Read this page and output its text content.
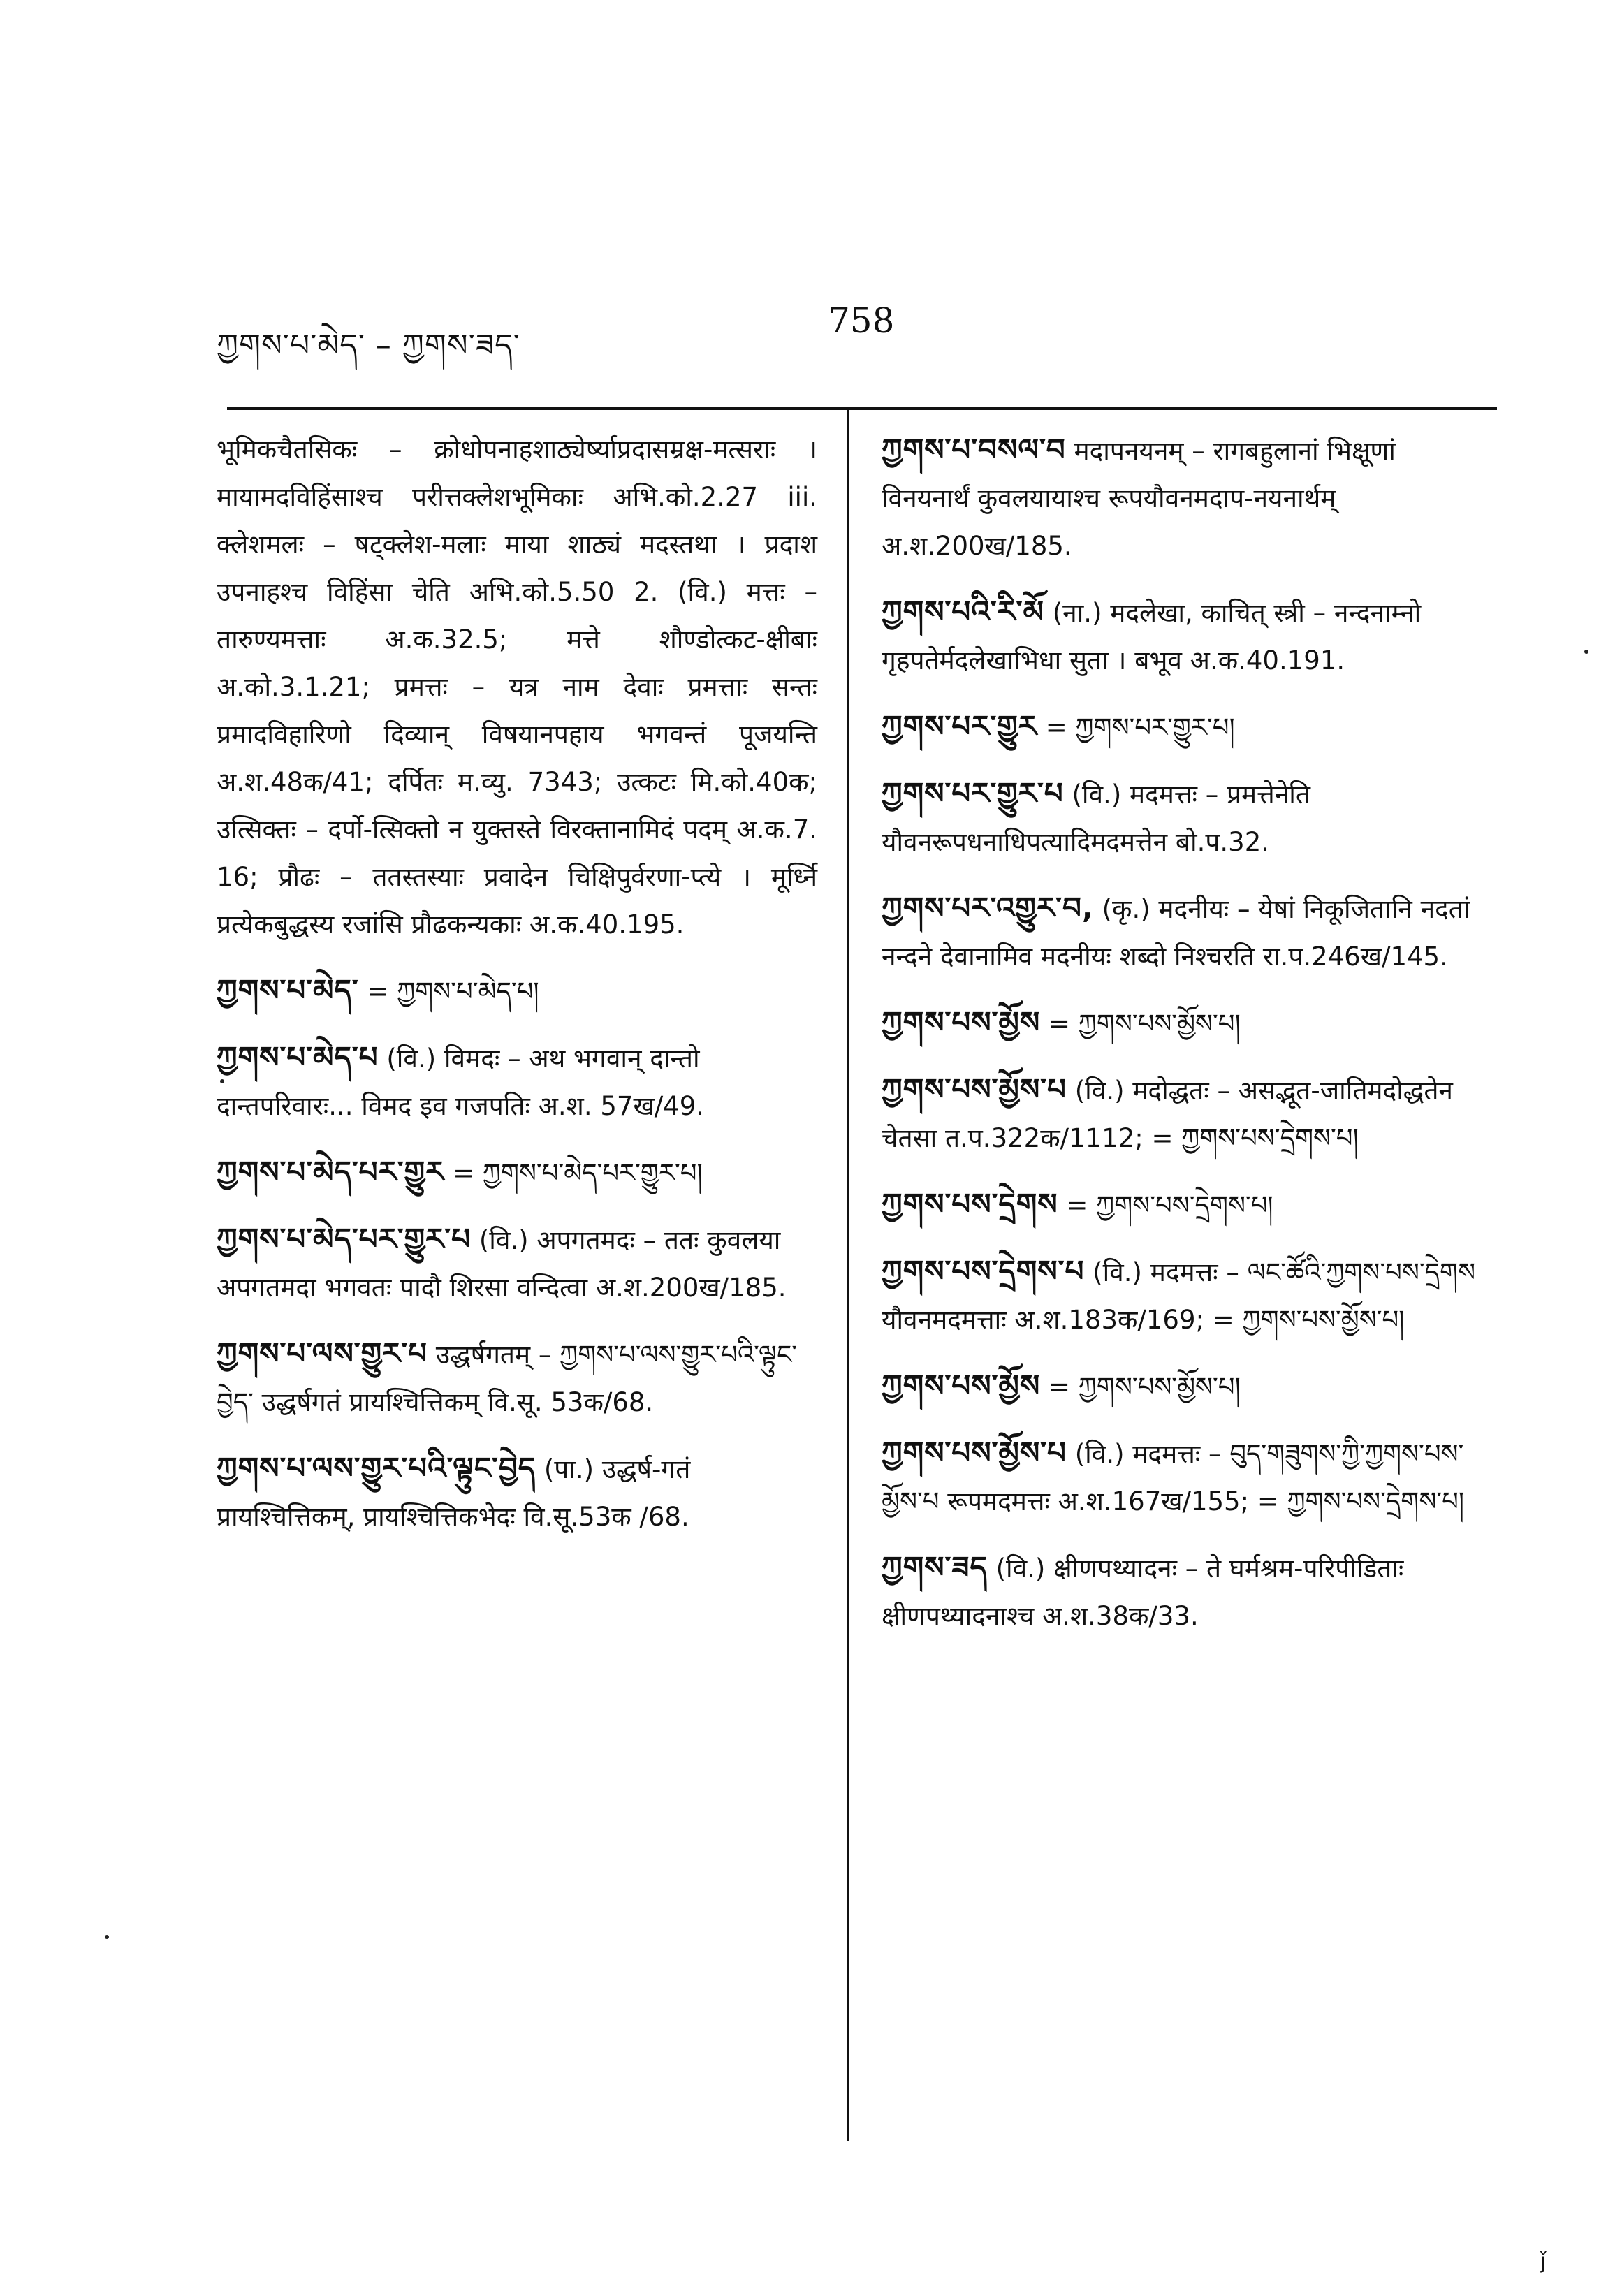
ཀྱགས་པ་མེད་ – ཀྱགས་ཟད་
758

भूमिकचैतसिकः – क्रोधोपनाहशाठ्येर्ष्याप्रदासम्रक्ष-मत्सराः । मायामदविहिंसाश्च परीत्तक्लेशभूमिकाः अभि.को.2.27 iii. क्लेशमलः – षट्क्लेश-मलाः माया शाठ्यं मदस्तथा । प्रदाश उपनाहश्च विहिंसा चेति अभि.को.5.50 2. (वि.) मत्तः – तारुण्यमत्ताः अ.क.32.5; मत्ते शौण्डोत्कट-क्षीबाः अ.को.3.1.21; प्रमत्तः – यत्र नाम देवाः प्रमत्ताः सन्तः प्रमादविहारिणो दिव्यान् विषयानपहाय भगवन्तं पूजयन्ति अ.श.48क/41; दर्पितः म.व्यु. 7343; उत्कटः मि.को.40क; उत्सिक्तः – दर्पो-त्सिक्तो न युक्तस्ते विरक्तानामिदं पदम् अ.क.7. 16; प्रौढः – ततस्तस्याः प्रवादेन चिक्षिपुर्वरणा-प्त्ये । मूर्ध्नि प्रत्येकबुद्धस्य रजांसि प्रौढकन्यकाः अ.क.40.195.

ཀྱགས་པ་མེད་ = ཀྱགས་པ་མེད་པ།
ཀྱགས་པ་མེད་པ (वि.) विमदः – अथ भगवान् दान्तो दान्तपरिवारः... विमद इव गजपतिः अ.श. 57ख/49.
ཀྱགས་པ་མེད་པར་གྱུར = ཀྱགས་པ་མེད་པར་གྱུར་པ།
ཀྱགས་པ་མེད་པར་གྱུར་པ (वि.) अपगतमदः – ततः कुवलया अपगतमदा भगवतः पादौ शिरसा वन्दित्वा अ.श.200ख/185.
ཀྱགས་པ་ལས་གྱུར་པ उद्धर्षगतम् – ཀྱགས་པ་ལས་གྱུར་པའི་ལྟུང་བྱེད་ उद्धर्षगतं प्रायश्चित्तिकम् वि.सू. 53क/68.
ཀྱགས་པ་ལས་གྱུར་པའི་ལྟུང་བྱེད (पा.) उद्धर्ष-गतं प्रायश्चित्तिकम्, प्रायश्चित्तिकभेदः वि.सू.53क /68.
ཀྱགས་པ་བསལ་བ मदापनयनम् – रागबहुलानां भिक्षूणां विनयनार्थं कुवलयायाश्च रूपयौवनमदाप-नयनार्थम् अ.श.200ख/185.
ཀྱགས་པའི་རི་མོ (ना.) मदलेखा, काचित् स्त्री – नन्दनाम्नो गृहपतेर्मदलेखाभिधा सुता । बभूव अ.क.40.191.
ཀྱགས་པར་གྱུར = ཀྱགས་པར་གྱུར་པ།
ཀྱགས་པར་གྱུར་པ (वि.) मदमत्तः – प्रमत्तेनेति यौवनरूपधनाधिपत्यादिमदमत्तेन बो.प.32.
ཀྱགས་པར་འགྱུར་བ, (कृ.) मदनीयः – येषां निकूजितानि नदतां नन्दने देवानामिव मदनीयः शब्दो निश्चरति रा.प.246ख/145.
ཀྱགས་པས་མྱོས = ཀྱགས་པས་མྱོས་པ།
ཀྱགས་པས་མྱོས་པ (वि.) मदोद्धतः – असद्भूत-जातिमदोद्धतेन चेतसा त.प.322क/1112; = ཀྱགས་པས་དྲེགས་པ།
ཀྱགས་པས་དྲེགས = ཀྱགས་པས་དྲེགས་པ།
ཀྱགས་པས་དྲེགས་པ (वि.) मदमत्तः – ལང་ཚོའི་ཀྱགས་པས་དྲེགས यौवनमदमत्ताः अ.श.183क/169; = ཀྱགས་པས་མྱོས་པ།
ཀྱགས་པས་མྱོས = ཀྱགས་པས་མྱོས་པ།
ཀྱགས་པས་མྱོས་པ (वि.) मदमत्तः – བུད་གཟུགས་ཀྱི་ཀྱགས་པས་མྱོས་པ रूपमदमत्तः अ.श.167ख/155; = ཀྱགས་པས་དྲེགས་པ།
ཀྱགས་ཟད (वि.) क्षीणपथ्यादनः – ते घर्मश्रम-परिपीडिताः क्षीणपथ्यादनाश्च अ.श.38क/33.
ǰ
